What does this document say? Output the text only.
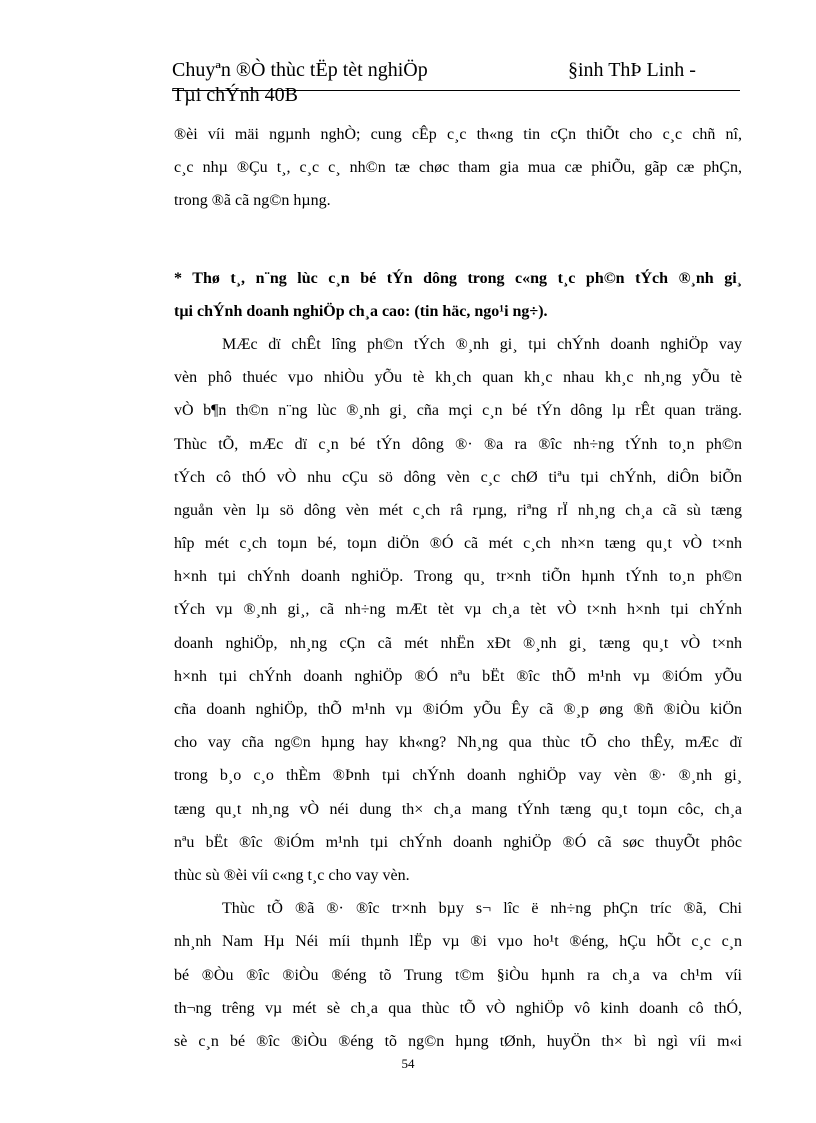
Chuyªn ®Ò thùc tËp tèt nghiÖp
Tµi chÝnh 40B
§inh ThÞ Linh -
®èi víi mäi ngµnh nghÒ; cung cÊp c¸c th«ng tin cÇn thiÕt cho c¸c chñ nî,
c¸c nhµ ®Çu t¸, c¸c c¸ nh©n tæ chøc tham gia mua cæ phiÕu, gãp cæ phÇn,
trong ®ã cã ng©n hµng.
* Thø t¸, n¨ng lùc c¸n bé tÝn dông trong c«ng t¸c ph©n tÝch ®¸nh gi¸
tµi chÝnh doanh nghiÖp ch¸a cao: (tin häc, ngo¹i ng÷).
MÆc dï chÊt lîng ph©n tÝch ®¸nh gi¸ tµi chÝnh doanh nghiÖp vay
vèn phô thuéc vµo nhiÒu yÕu tè kh¸ch quan kh¸c nhau kh¸c nh¸ng yÕu tè
vÒ b¶n th©n n¨ng lùc ®¸nh gi¸ cña mçi c¸n bé tÝn dông lµ rÊt quan träng.
Thùc tÕ, mÆc dï c¸n bé tÝn dông ®· ®a ra ®îc nh÷ng tÝnh to¸n ph©n
tÝch cô thÓ vÒ nhu cÇu sö dông vèn c¸c chØ tiªu tµi chÝnh, diÔn biÕn
nguån vèn lµ sö dông vèn mét c¸ch râ rµng, riªng rÏ nh¸ng ch¸a cã sù tæng
hîp mét c¸ch toµn bé, toµn diÖn ®Ó cã mét c¸ch nh×n tæng qu¸t vÒ t×nh
h×nh tµi chÝnh doanh nghiÖp. Trong qu¸ tr×nh tiÕn hµnh tÝnh to¸n ph©n
tÝch vµ ®¸nh gi¸, cã nh÷ng mÆt tèt vµ ch¸a tèt vÒ t×nh h×nh tµi chÝnh
doanh nghiÖp, nh¸ng cÇn cã mét nhËn xÐt ®¸nh gi¸ tæng qu¸t vÒ t×nh
h×nh tµi chÝnh doanh nghiÖp ®Ó nªu bËt ®îc thÕ m¹nh vµ ®iÓm yÕu
cña doanh nghiÖp, thÕ m¹nh vµ ®iÓm yÕu Êy cã ®¸p øng ®ñ ®iÒu kiÖn
cho vay cña ng©n hµng hay kh«ng? Nh¸ng qua thùc tÕ cho thÊy, mÆc dï
trong b¸o c¸o thÈm ®Þnh tµi chÝnh doanh nghiÖp vay vèn ®· ®¸nh gi¸
tæng qu¸t nh¸ng vÒ néi dung th× ch¸a mang tÝnh tæng qu¸t toµn côc, ch¸a
nªu bËt ®îc ®iÓm m¹nh tµi chÝnh doanh nghiÖp ®Ó cã søc thuyÕt phôc
thùc sù ®èi víi c«ng t¸c cho vay vèn.
Thùc tÕ ®ã ®· ®îc tr×nh bµy s¬ lîc ë nh÷ng phÇn tríc ®ã, Chi
nh¸nh Nam Hµ Néi míi thµnh lËp vµ ®i vµo ho¹t ®éng, hÇu hÕt c¸c c¸n
bé ®Òu ®îc ®iÒu ®éng tõ Trung t©m §iÒu hµnh ra ch¸a va ch¹m víi
th¬ng trêng vµ mét sè ch¸a qua thùc tÕ vÒ nghiÖp vô kinh doanh cô thÓ,
sè c¸n bé ®îc ®iÒu ®éng tõ ng©n hµng tØnh, huyÖn th× bì ngì víi m«i
54
